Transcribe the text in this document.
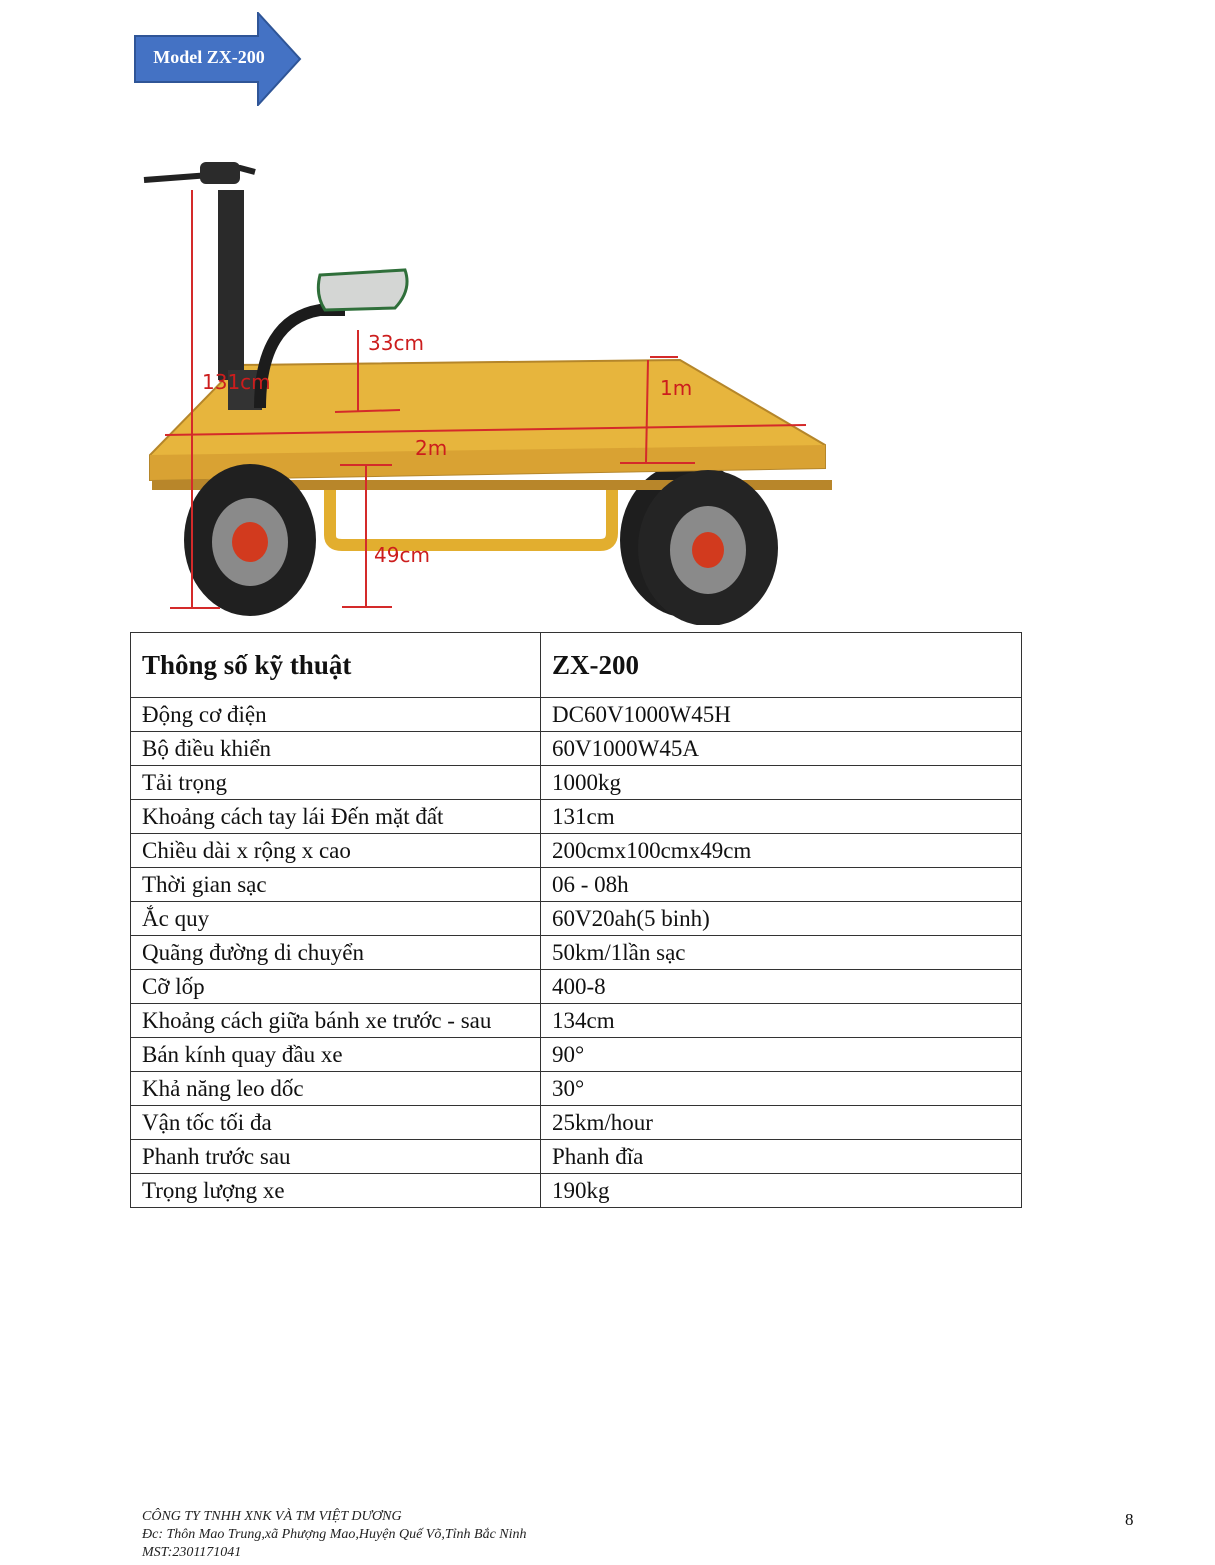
Model ZX-200
131cm
33cm
2m
1m
49cm
Thông số kỹ thuật	ZX-200
Động cơ điện	DC60V1000W45H
Bộ điều khiển	60V1000W45A
Tải trọng	1000kg
Khoảng cách tay lái Đến mặt đất	131cm
Chiều dài x rộng x cao	200cmx100cmx49cm
Thời gian sạc	06 - 08h
Ắc quy	60V20ah(5 binh)
Quãng đường di chuyển	50km/1lần sạc
Cỡ lốp	400-8
Khoảng cách giữa bánh xe trước - sau	134cm
Bán kính quay đầu xe	90°
Khả năng leo dốc	30°
Vận tốc tối đa	25km/hour
Phanh trước sau	Phanh đĩa
Trọng lượng xe	190kg
CÔNG TY TNHH XNK VÀ TM VIỆT DƯƠNG
Đc: Thôn Mao Trung,xã Phượng Mao,Huyện Quế Võ,Tỉnh Bắc Ninh
MST:2301171041
8
